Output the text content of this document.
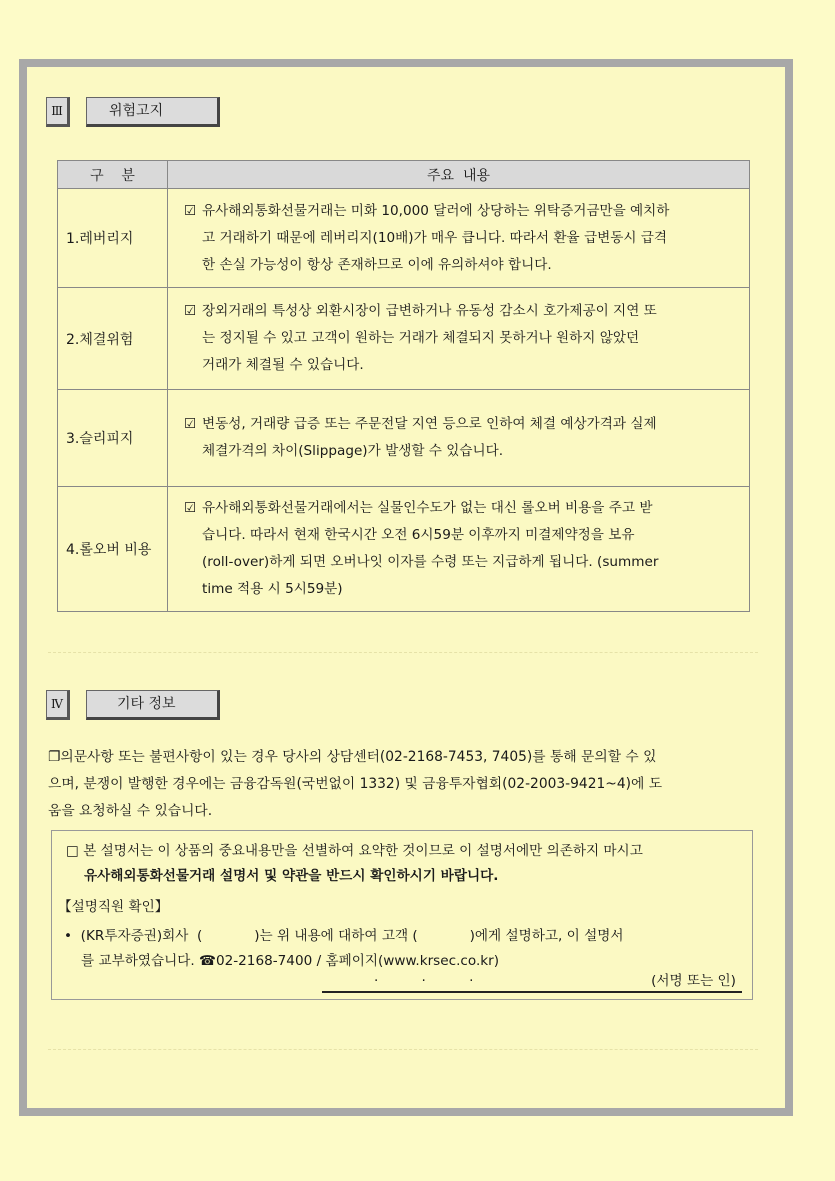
Ⅲ	위험고지
구    분	주요  내용
1.레버리지	☑ 유사해외통화선물거래는 미화 10,000 달러에 상당하는 위탁증거금만을 예치하
고 거래하기 때문에 레버리지(10배)가 매우 큽니다. 따라서 환율 급변동시 급격
한 손실 가능성이 항상 존재하므로 이에 유의하셔야 합니다.

2.체결위험	☑ 장외거래의 특성상 외환시장이 급변하거나 유동성 감소시 호가제공이 지연 또
는 정지될 수 있고 고객이 원하는 거래가 체결되지 못하거나 원하지 않았던
거래가 체결될 수 있습니다.

3.슬리피지	☑ 변동성, 거래량 급증 또는 주문전달 지연 등으로 인하여 체결 예상가격과 실제
체결가격의 차이(Slippage)가 발생할 수 있습니다.

4.롤오버 비용	☑ 유사해외통화선물거래에서는 실물인수도가 없는 대신 롤오버 비용을 주고 받
습니다. 따라서 현재 한국시간 오전 6시59분 이후까지 미결제약정을 보유
(roll-over)하게 되면 오버나잇 이자를 수령 또는 지급하게 됩니다. (summer
time 적용 시 5시59분)
Ⅳ	기타 정보
❐의문사항 또는 불편사항이 있는 경우 당사의 상담센터(02-2168-7453, 7405)를 통해 문의할 수 있
으며, 분쟁이 발행한 경우에는 금융감독원(국번없이 1332) 및 금융투자협회(02-2003-9421~4)에 도
움을 요청하실 수 있습니다.
□ 본 설명서는 이 상품의 중요내용만을 선별하여 요약한 것이므로 이 설명서에만 의존하지 마시고
유사해외통화선물거래 설명서 및 약관을 반드시 확인하시기 바랍니다.
【설명직원 확인】
•  (KR투자증권)회사  (            )는 위 내용에 대하여 고객 (            )에게 설명하고, 이 설명서
를 교부하였습니다. ☎02-2168-7400 / 홈페이지(www.krsec.co.kr)
.          .          .	(서명 또는 인)
